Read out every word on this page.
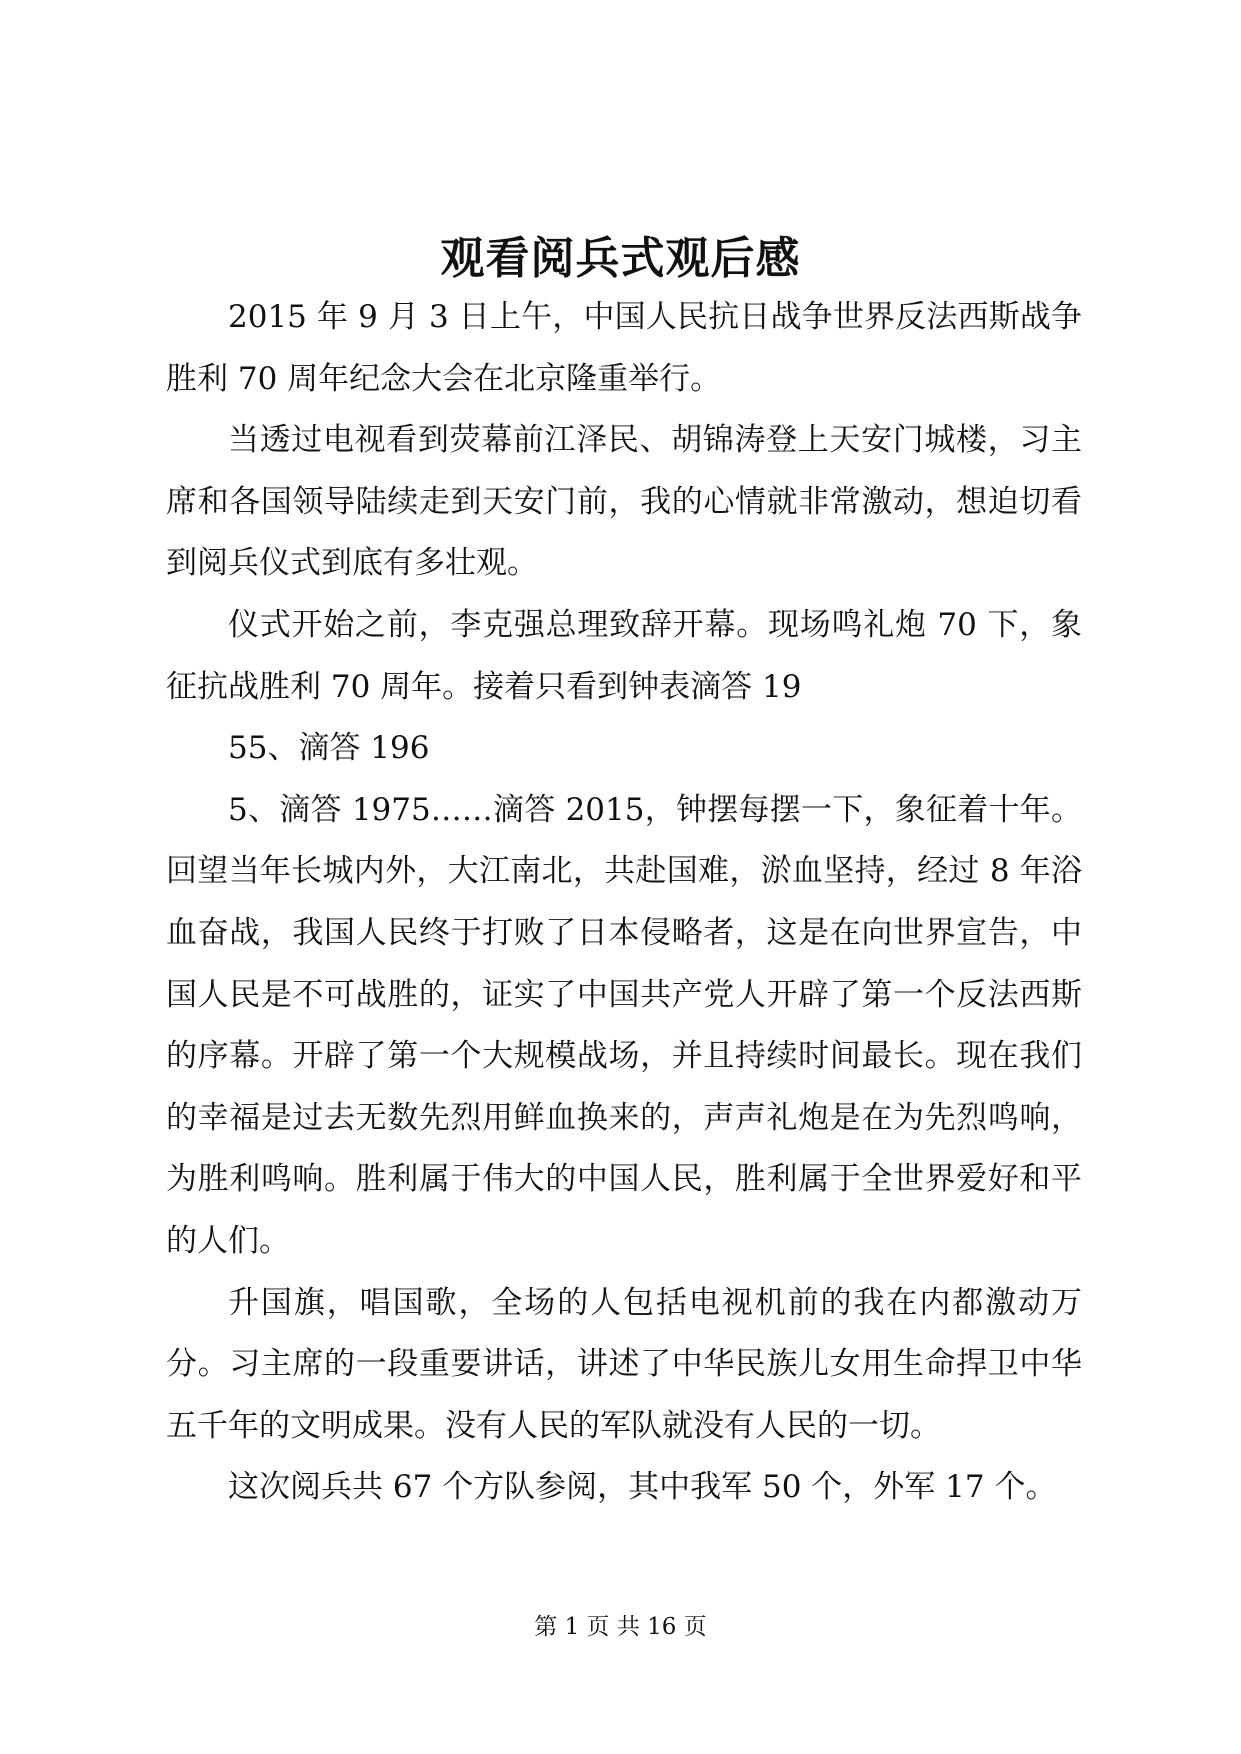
观看阅兵式观后感

2015 年 9 月 3 日上午，中国人民抗日战争世界反法西斯战争胜利 70 周年纪念大会在北京隆重举行。

当透过电视看到荧幕前江泽民、胡锦涛登上天安门城楼，习主席和各国领导陆续走到天安门前，我的心情就非常激动，想迫切看到阅兵仪式到底有多壮观。

仪式开始之前，李克强总理致辞开幕。现场鸣礼炮 70 下，象征抗战胜利 70 周年。接着只看到钟表滴答 19

55、滴答 196

5、滴答 1975……滴答 2015，钟摆每摆一下，象征着十年。回望当年长城内外，大江南北，共赴国难，淤血坚持，经过 8 年浴血奋战，我国人民终于打败了日本侵略者，这是在向世界宣告，中国人民是不可战胜的，证实了中国共产党人开辟了第一个反法西斯的序幕。开辟了第一个大规模战场，并且持续时间最长。现在我们的幸福是过去无数先烈用鲜血换来的，声声礼炮是在为先烈鸣响，为胜利鸣响。胜利属于伟大的中国人民，胜利属于全世界爱好和平的人们。

升国旗，唱国歌，全场的人包括电视机前的我在内都激动万分。习主席的一段重要讲话，讲述了中华民族儿女用生命捍卫中华五千年的文明成果。没有人民的军队就没有人民的一切。

这次阅兵共 67 个方队参阅，其中我军 50 个，外军 17 个。

第 1 页 共 16 页
